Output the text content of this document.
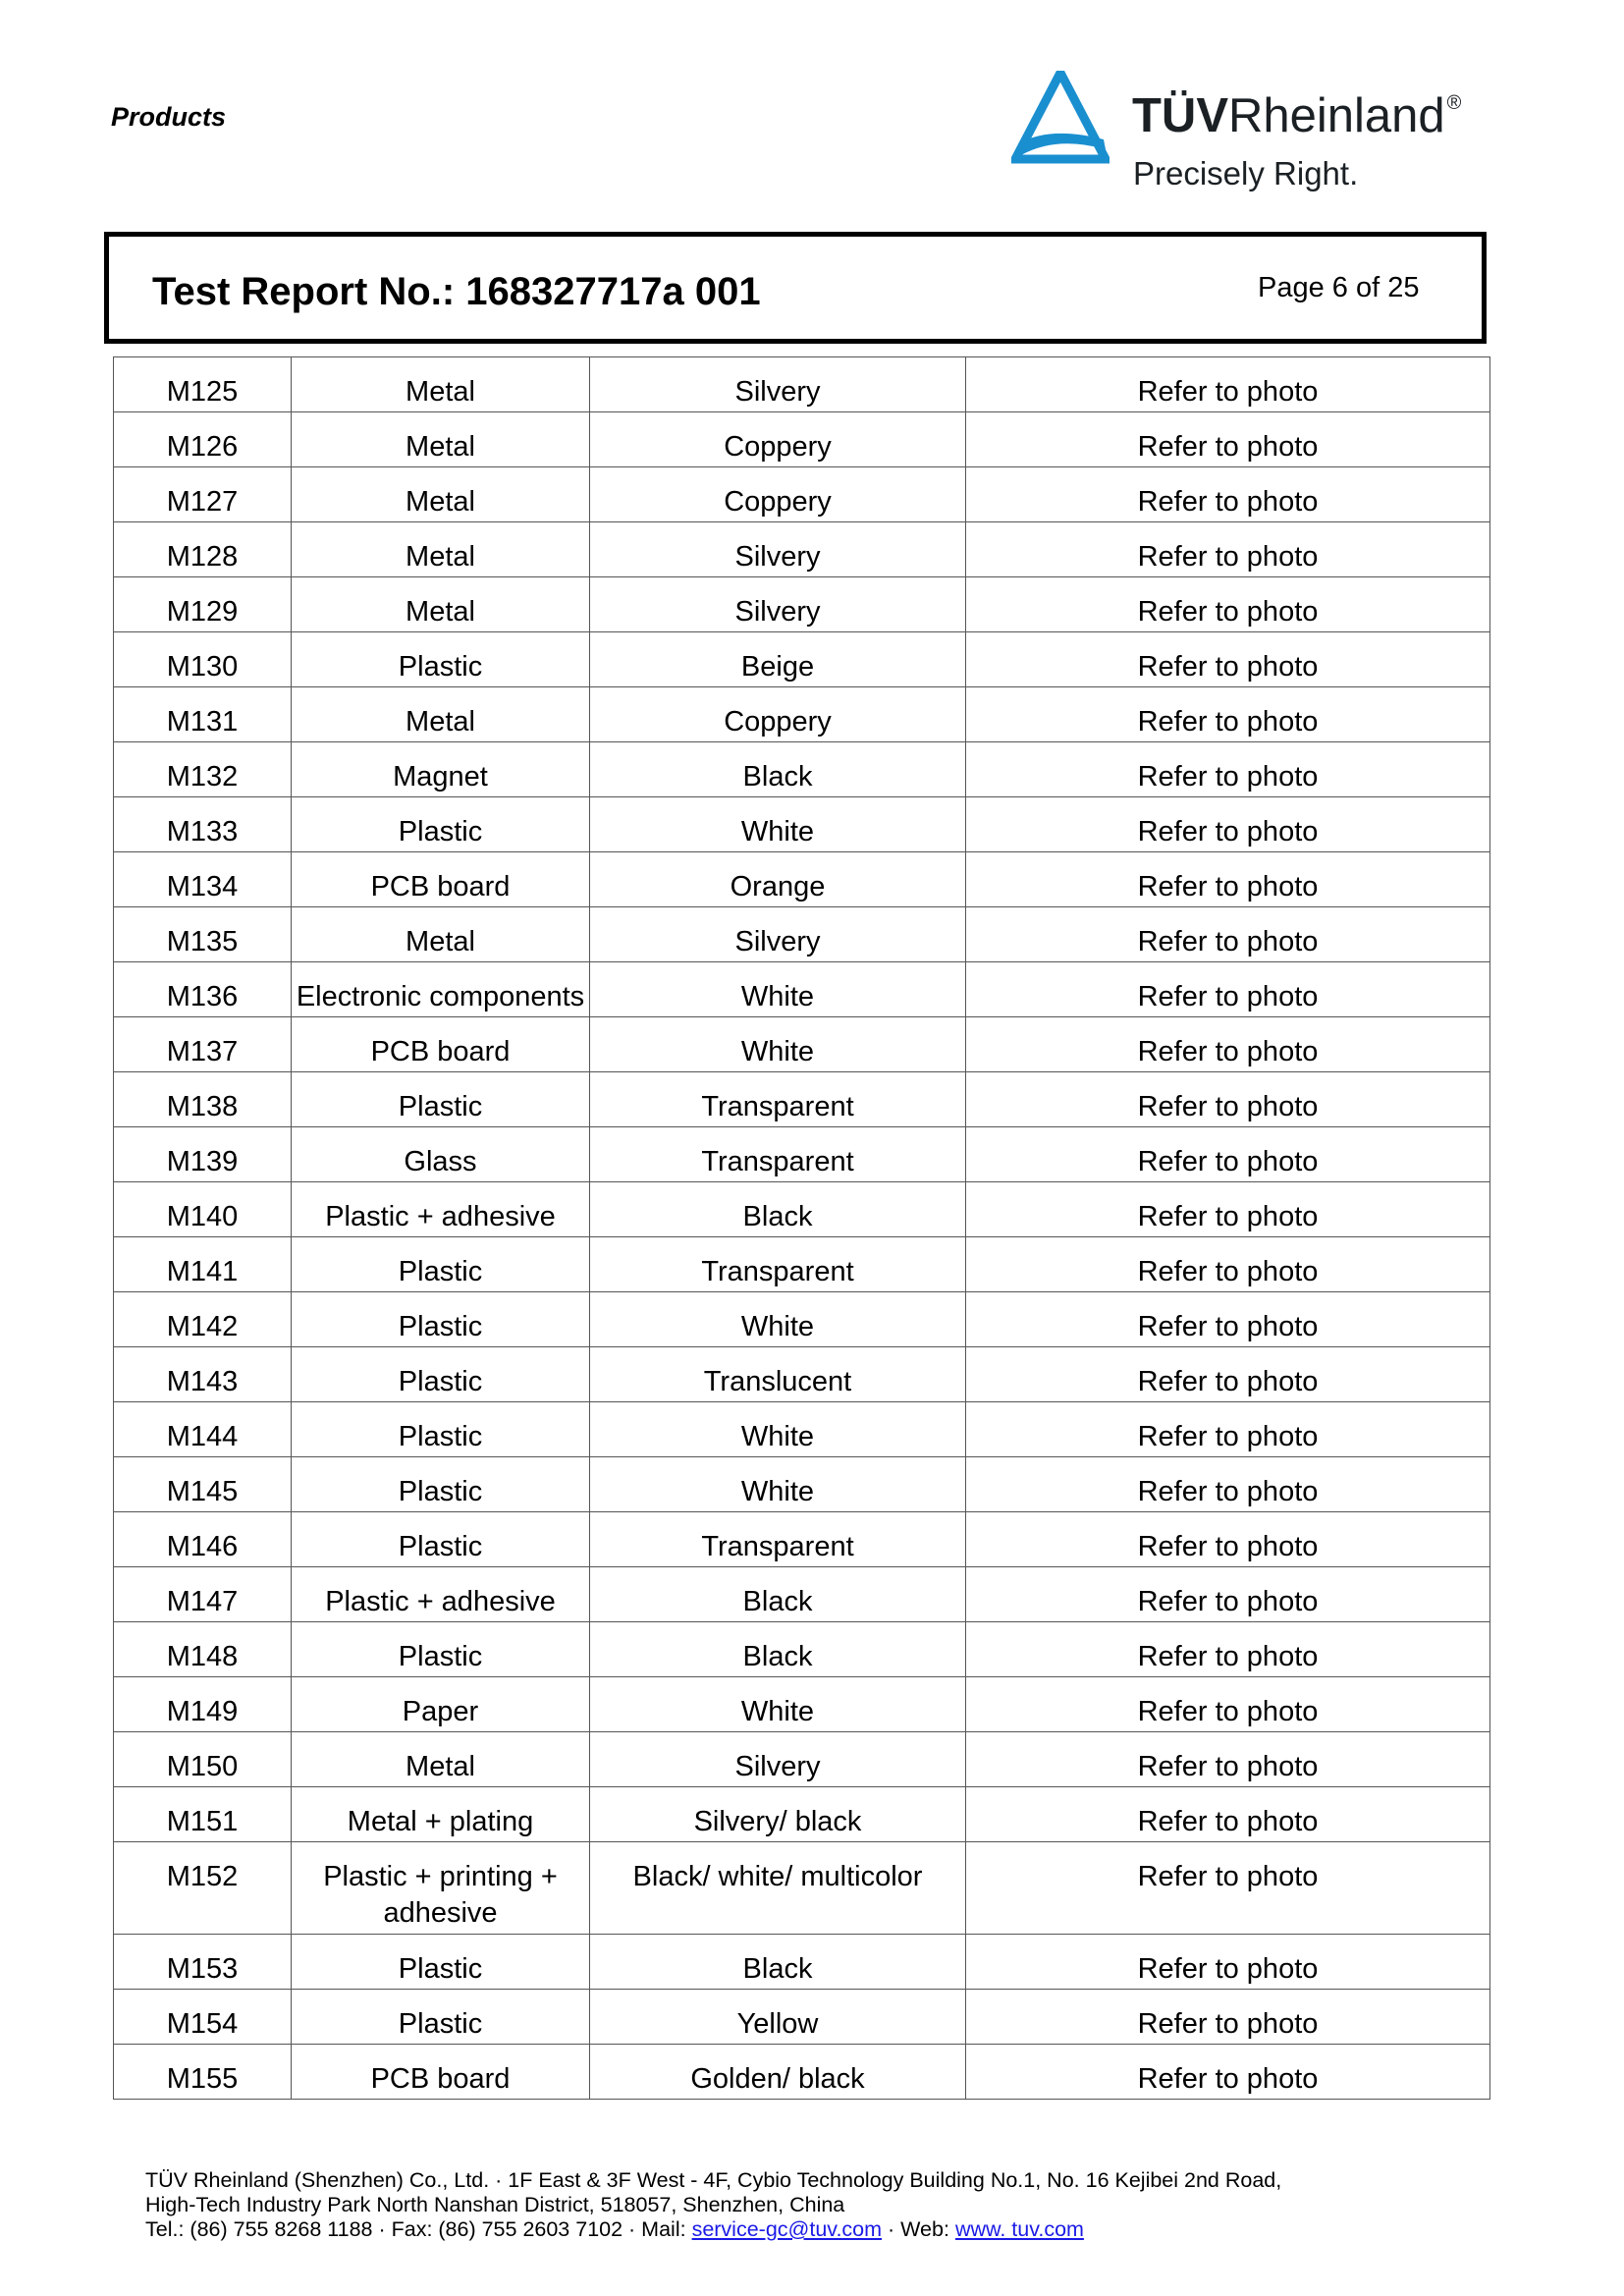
Products	TÜVRheinland ®
Precisely Right.
Test Report No.: 168327717a 001	Page 6 of 25
M125	Metal	Silvery	Refer to photo
M126	Metal	Coppery	Refer to photo
M127	Metal	Coppery	Refer to photo
M128	Metal	Silvery	Refer to photo
M129	Metal	Silvery	Refer to photo
M130	Plastic	Beige	Refer to photo
M131	Metal	Coppery	Refer to photo
M132	Magnet	Black	Refer to photo
M133	Plastic	White	Refer to photo
M134	PCB board	Orange	Refer to photo
M135	Metal	Silvery	Refer to photo
M136	Electronic components	White	Refer to photo
M137	PCB board	White	Refer to photo
M138	Plastic	Transparent	Refer to photo
M139	Glass	Transparent	Refer to photo
M140	Plastic + adhesive	Black	Refer to photo
M141	Plastic	Transparent	Refer to photo
M142	Plastic	White	Refer to photo
M143	Plastic	Translucent	Refer to photo
M144	Plastic	White	Refer to photo
M145	Plastic	White	Refer to photo
M146	Plastic	Transparent	Refer to photo
M147	Plastic + adhesive	Black	Refer to photo
M148	Plastic	Black	Refer to photo
M149	Paper	White	Refer to photo
M150	Metal	Silvery	Refer to photo
M151	Metal + plating	Silvery/ black	Refer to photo
M152	Plastic + printing + adhesive	Black/ white/ multicolor	Refer to photo
M153	Plastic	Black	Refer to photo
M154	Plastic	Yellow	Refer to photo
M155	PCB board	Golden/ black	Refer to photo
TÜV Rheinland (Shenzhen) Co., Ltd. · 1F East & 3F West - 4F, Cybio Technology Building No.1, No. 16 Kejibei 2nd Road,
High-Tech Industry Park North Nanshan District, 518057, Shenzhen, China
Tel.: (86) 755 8268 1188 · Fax: (86) 755 2603 7102 · Mail: service-gc@tuv.com · Web: www. tuv.com
